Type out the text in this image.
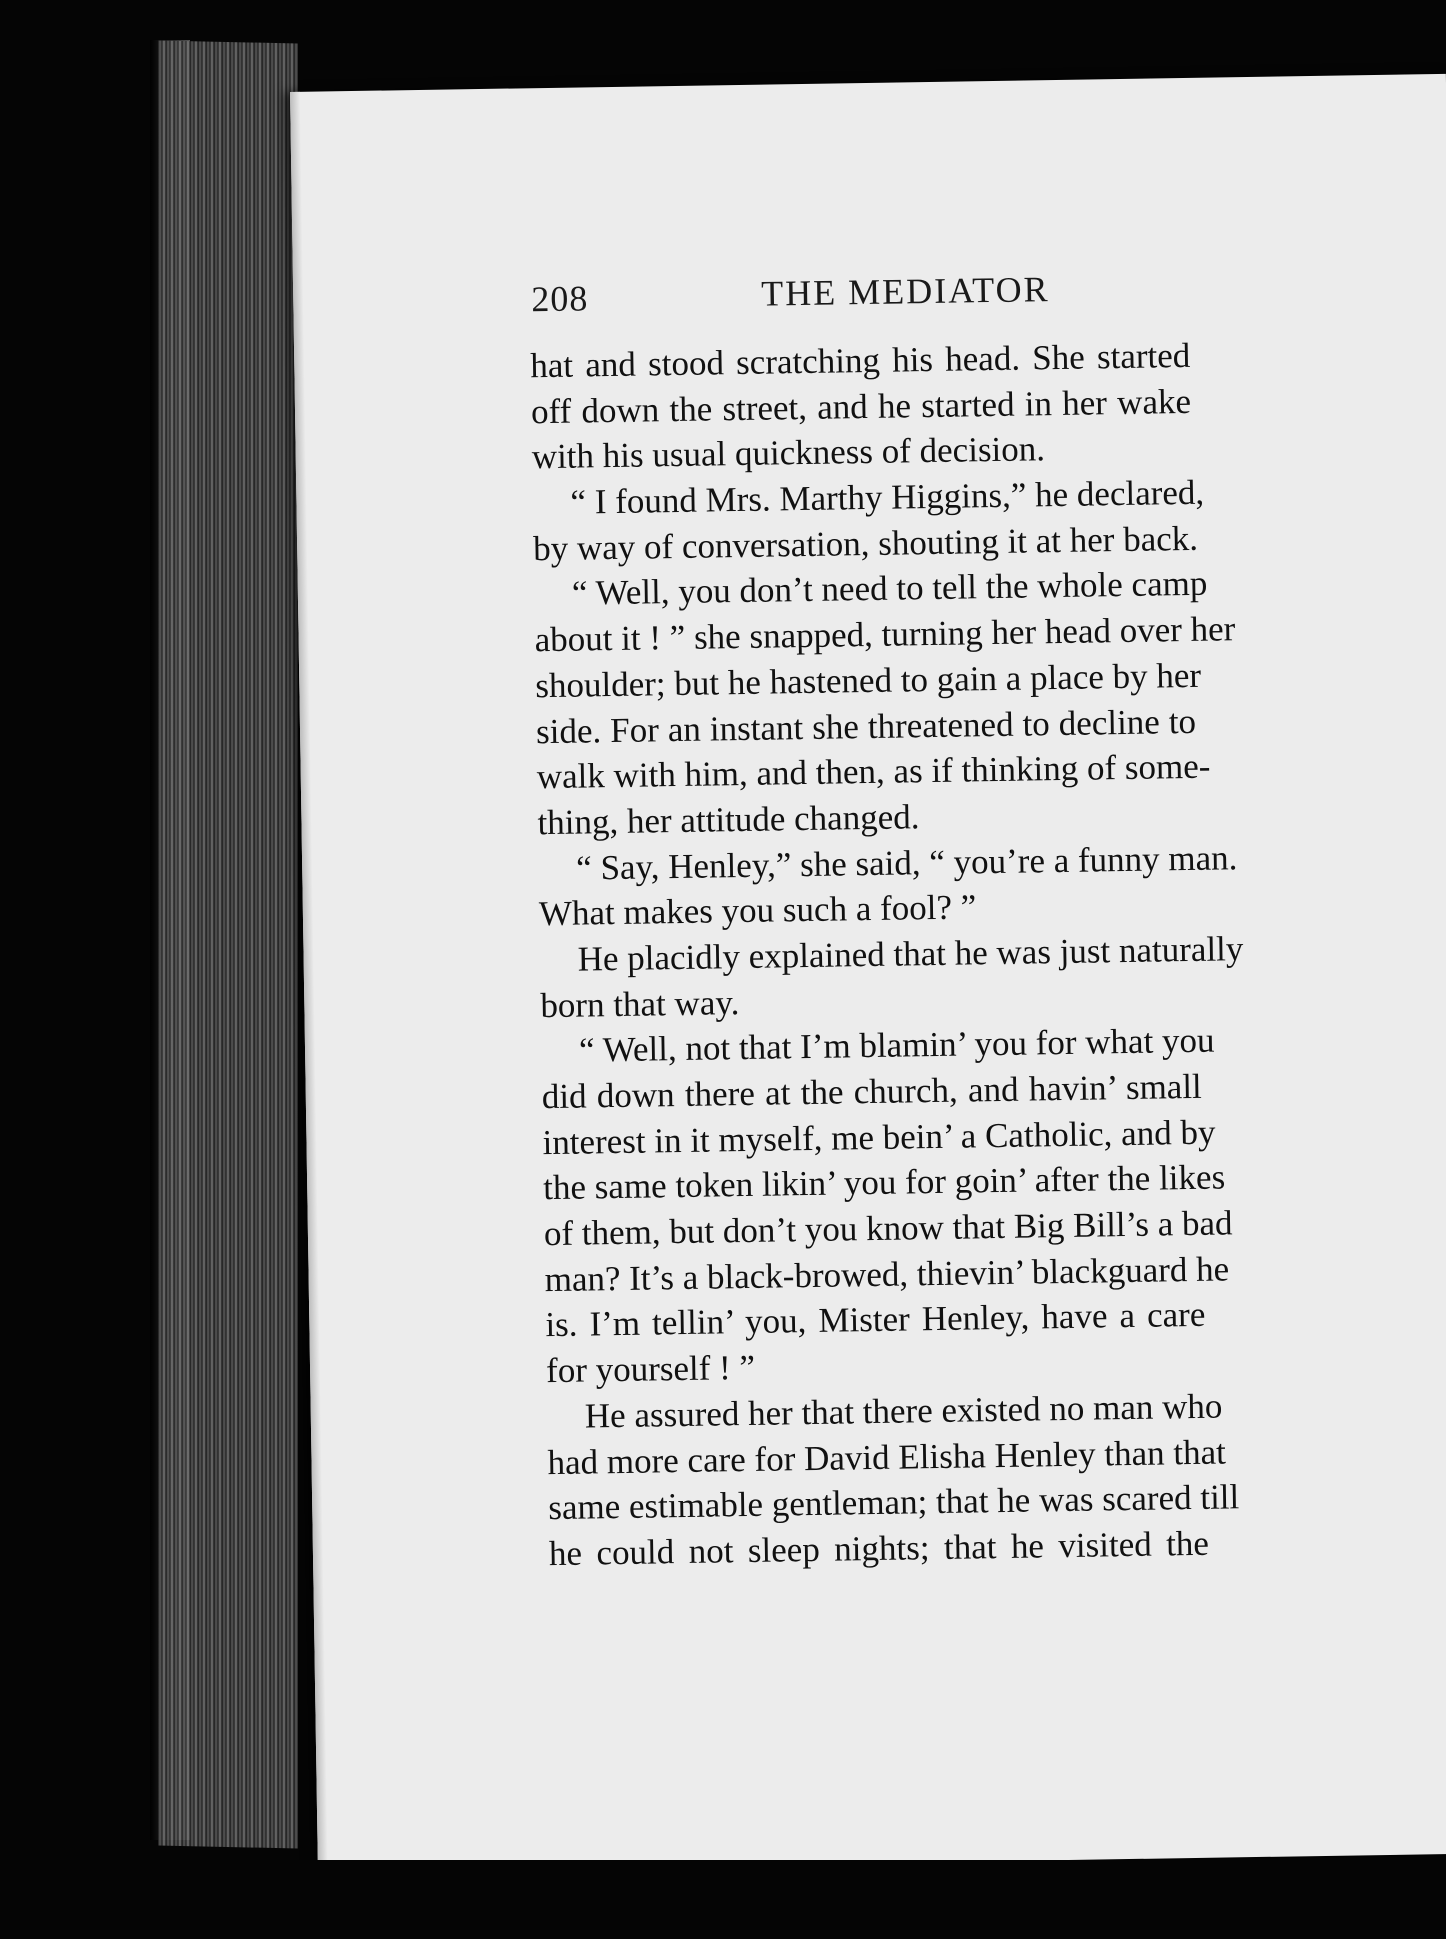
208	THE MEDIATOR
hat and stood scratching his head. She started
off down the street, and he started in her wake
with his usual quickness of decision.
“ I found Mrs. Marthy Higgins,” he declared,
by way of conversation, shouting it at her back.
“ Well, you don’t need to tell the whole camp
about it ! ” she snapped, turning her head over her
shoulder; but he hastened to gain a place by her
side. For an instant she threatened to decline to
walk with him, and then, as if thinking of some-
thing, her attitude changed.
“ Say, Henley,” she said, “ you’re a funny man.
What makes you such a fool? ”
He placidly explained that he was just naturally
born that way.
“ Well, not that I’m blamin’ you for what you
did down there at the church, and havin’ small
interest in it myself, me bein’ a Catholic, and by
the same token likin’ you for goin’ after the likes
of them, but don’t you know that Big Bill’s a bad
man? It’s a black-browed, thievin’ blackguard he
is. I’m tellin’ you, Mister Henley, have a care
for yourself ! ”
He assured her that there existed no man who
had more care for David Elisha Henley than that
same estimable gentleman; that he was scared till
he could not sleep nights; that he visited the
